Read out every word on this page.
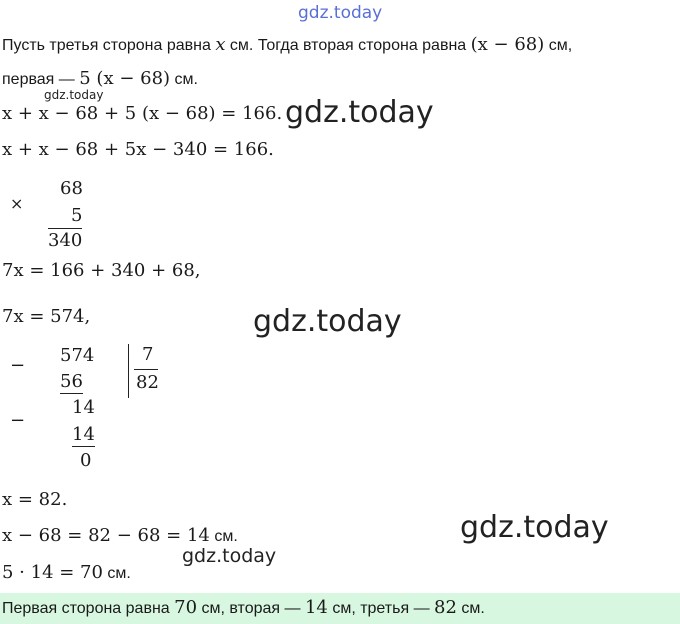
gdz.today
Пусть третья сторона равна x см. Тогда вторая сторона равна (x − 68) см,
первая — 5 (x − 68) см.
gdz.today
x + x − 68 + 5 (x − 68) = 166. gdz.today
x + x − 68 + 5x − 340 = 166.
×
68
5
340
7x = 166 + 340 + 68,
7x = 574,	gdz.today
− 574
56
7
82
−
14
14
0
x = 82.
gdz.today
x − 68 = 82 − 68 = 14 см.
gdz.today
5 · 14 = 70 см.
Первая сторона равна 70 см, вторая — 14 см, третья — 82 см.
